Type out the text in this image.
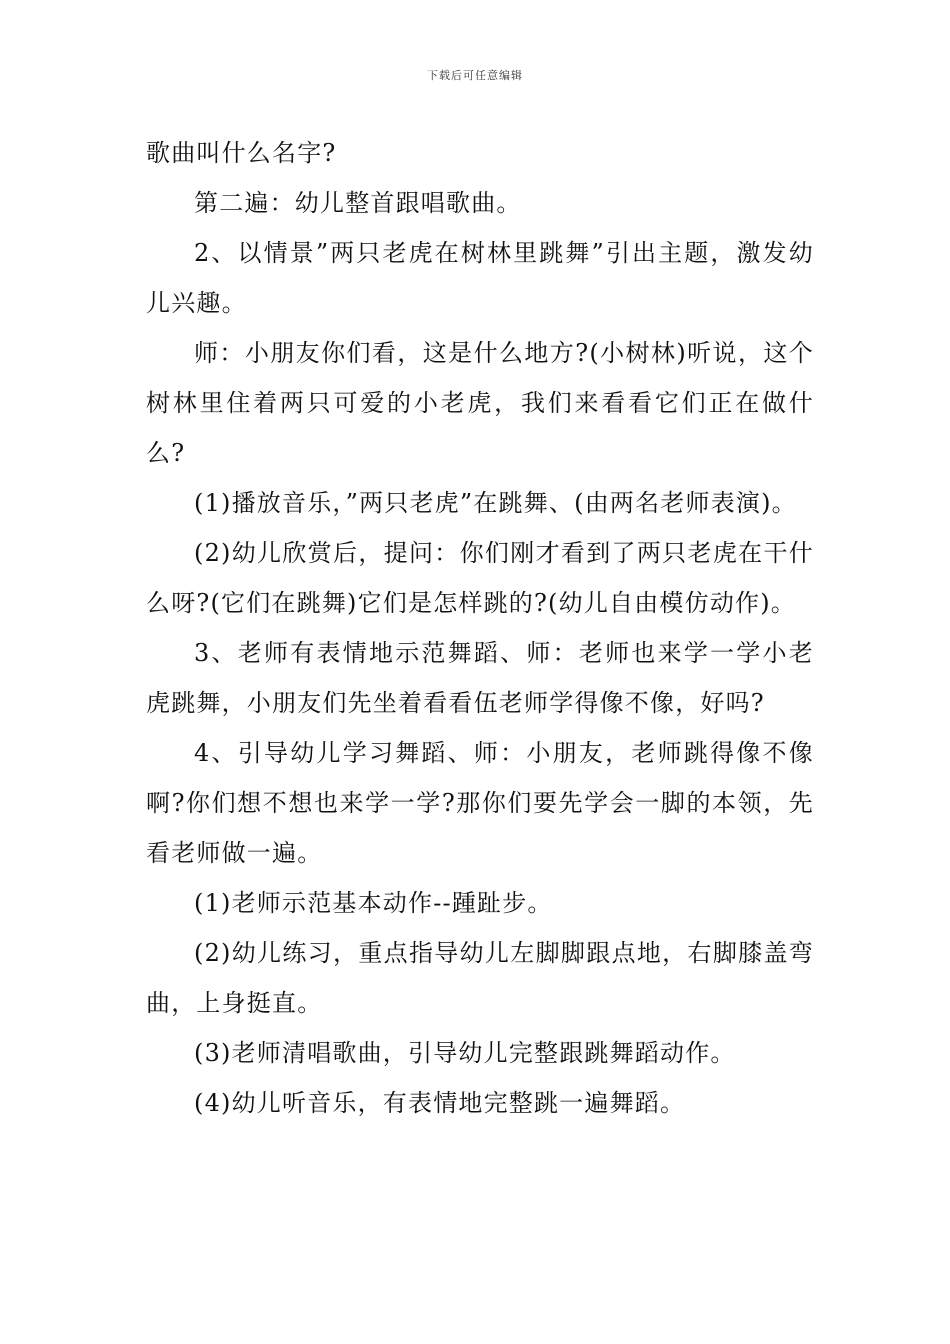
下载后可任意编辑

歌曲叫什么名字?

第二遍：幼儿整首跟唱歌曲。

2、以情景”两只老虎在树林里跳舞”引出主题，激发幼儿兴趣。

师：小朋友你们看，这是什么地方?(小树林)听说，这个树林里住着两只可爱的小老虎，我们来看看它们正在做什么?

(1)播放音乐，”两只老虎”在跳舞、(由两名老师表演)。

(2)幼儿欣赏后，提问：你们刚才看到了两只老虎在干什么呀?(它们在跳舞)它们是怎样跳的?(幼儿自由模仿动作)。

3、老师有表情地示范舞蹈、师：老师也来学一学小老虎跳舞，小朋友们先坐着看看伍老师学得像不像，好吗?

4、引导幼儿学习舞蹈、师：小朋友，老师跳得像不像啊?你们想不想也来学一学?那你们要先学会一脚的本领，先看老师做一遍。

(1)老师示范基本动作--踵趾步。

(2)幼儿练习，重点指导幼儿左脚脚跟点地，右脚膝盖弯曲，上身挺直。

(3)老师清唱歌曲，引导幼儿完整跟跳舞蹈动作。

(4)幼儿听音乐，有表情地完整跳一遍舞蹈。
